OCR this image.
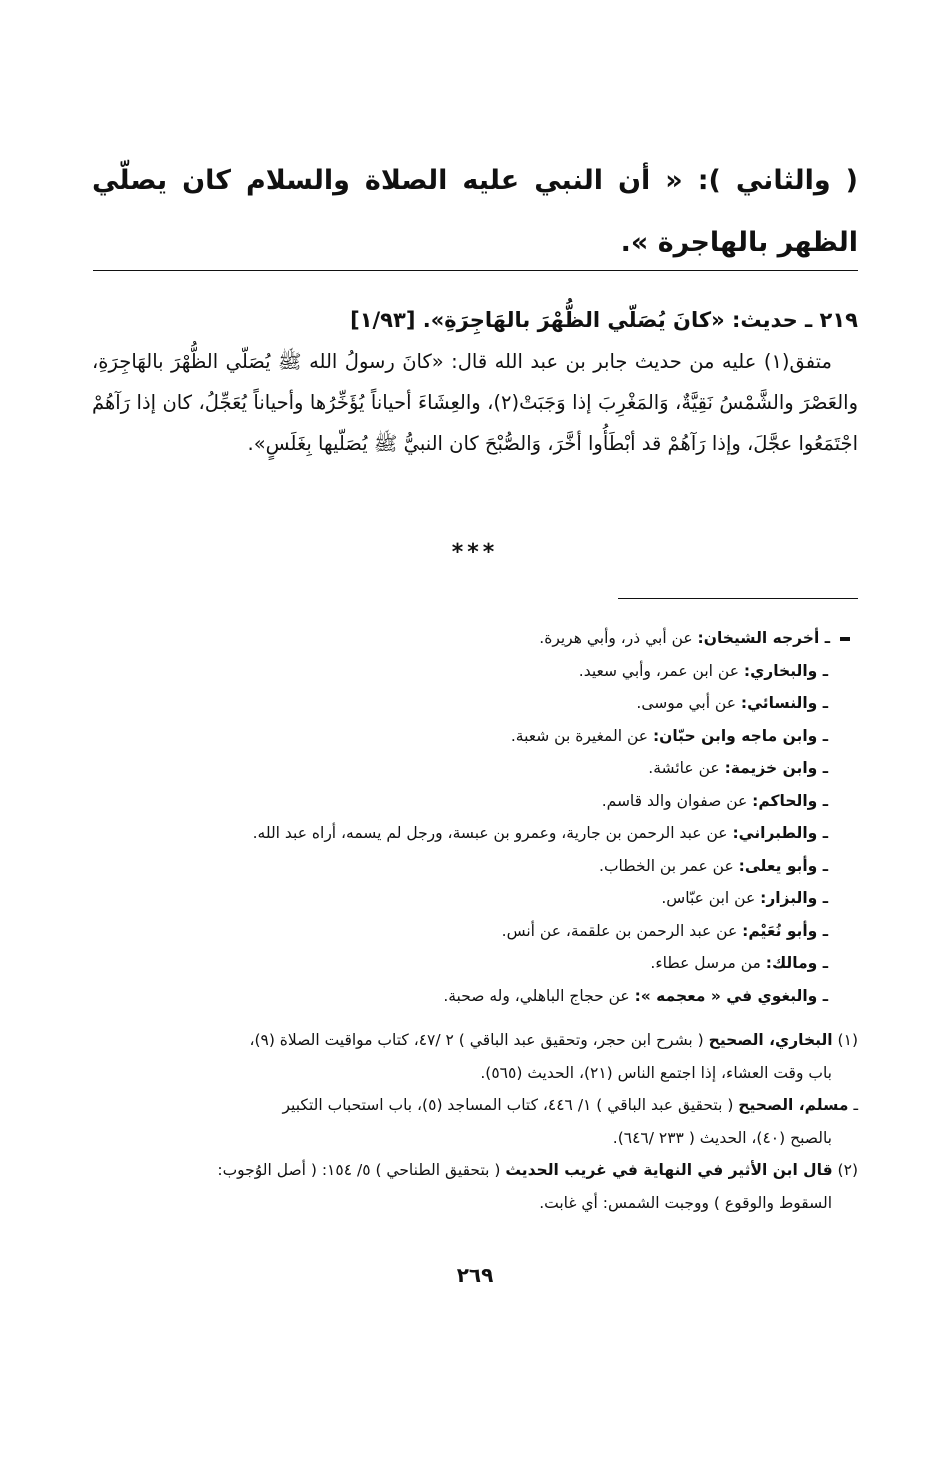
( والثاني ): « أن النبي عليه الصلاة والسلام كان يصلّي الظهر بالهاجرة ».
٢١٩ ـ حديث: «كانَ يُصَلّي الظُّهْرَ بالهَاجِرَةِ». [١/٩٣]
متفق(١) عليه من حديث جابر بن عبد الله قال: «كانَ رسولُ الله ﷺ يُصَلّي الظُّهْرَ بالهَاجِرَةِ، والعَصْرَ والشَّمْسُ نَقِيَّةٌ، وَالمَغْرِبَ إذا وَجَبَتْ(٢)، والعِشَاءَ أحياناً يُؤَخِّرُها وأحياناً يُعَجِّلُ، كان إذا رَآهُمْ اجْتَمَعُوا عجَّلَ، وإذا رَآهُمْ قد أبْطَأُوا أخَّرَ، وَالصُّبْحَ كان النبيُّ ﷺ يُصَلّيها بِغَلَسٍ».
***
ـ أخرجه الشيخان: عن أبي ذر، وأبي هريرة.
ـ والبخاري: عن ابن عمر، وأبي سعيد.
ـ والنسائي: عن أبي موسى.
ـ وابن ماجه وابن حبّان: عن المغيرة بن شعبة.
ـ وابن خزيمة: عن عائشة.
ـ والحاكم: عن صفوان والد قاسم.
ـ والطبراني: عن عبد الرحمن بن جارية، وعمرو بن عبسة، ورجل لم يسمه، أراه عبد الله.
ـ وأبو يعلى: عن عمر بن الخطاب.
ـ والبزار: عن ابن عبّاس.
ـ وأبو نُعَيْم: عن عبد الرحمن بن علقمة، عن أنس.
ـ ومالك: من مرسل عطاء.
ـ والبغوي في « معجمه »: عن حجاج الباهلي، وله صحبة.
(١) البخاري، الصحيح ( بشرح ابن حجر، وتحقيق عبد الباقي ) ٢ /٤٧، كتاب مواقيت الصلاة (٩)،
باب وقت العشاء، إذا اجتمع الناس (٢١)، الحديث (٥٦٥).
ـ مسلم، الصحيح ( بتحقيق عبد الباقي ) ١/ ٤٤٦، كتاب المساجد (٥)، باب استحباب التكبير
بالصبح (٤٠)، الحديث ( ٢٣٣ /٦٤٦).
(٢) قال ابن الأثير في النهاية في غريب الحديث ( بتحقيق الطناحي ) ٥/ ١٥٤: ( أصل الوُجوب:
السقوط والوقوع ) ووجبت الشمس: أي غابت.
٢٦٩
